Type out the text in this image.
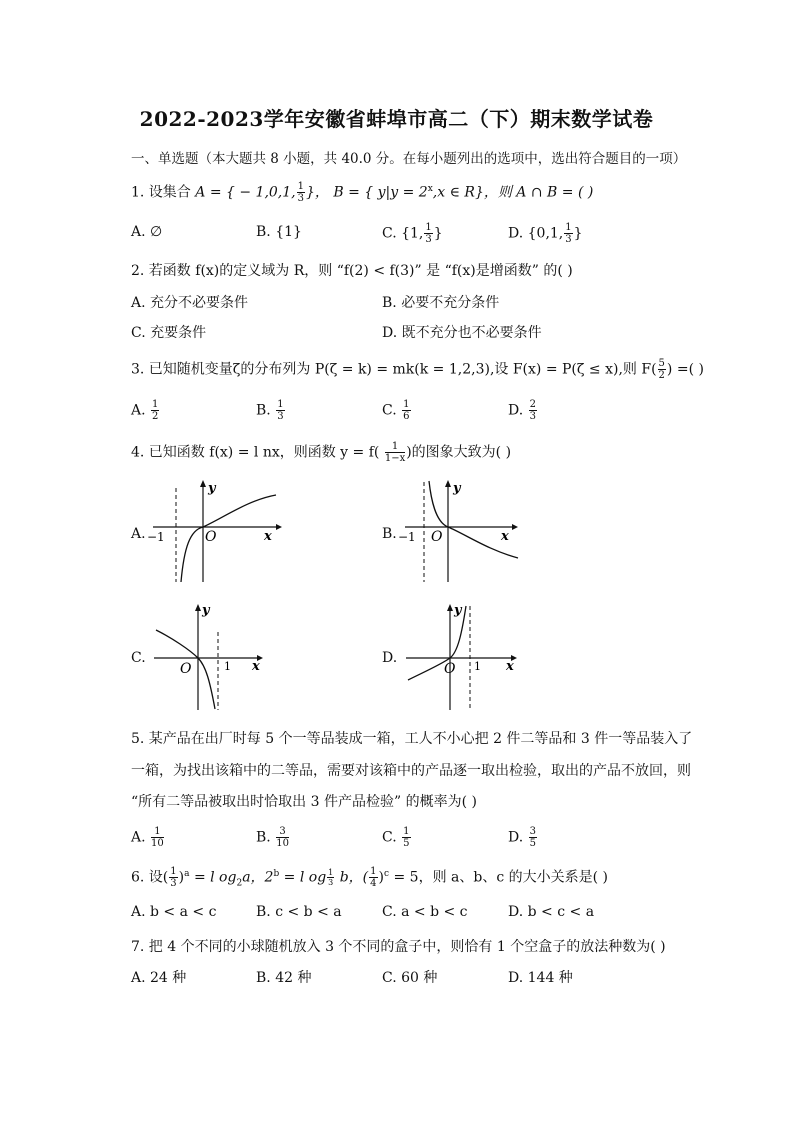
2022-2023学年安徽省蚌埠市高二（下）期末数学试卷
一、单选题（本大题共 8 小题，共 40.0 分。在每小题列出的选项中，选出符合题目的一项）
1. 设集合 A = { − 1,0,1, $\frac{1}{3}$ }， B = { $y|y = 2^x,x$ ∈ R}，则 A ∩ B = ( )
A. ∅	B. {1}	C. {1, $\frac{1}{3}$ }	D. {0,1, $\frac{1}{3}$ }
2. 若函数 f(x)的定义域为 R，则 “f(2) < f(3)” 是 “f(x)是增函数” 的( )
A. 充分不必要条件	B. 必要不充分条件
C. 充要条件	D. 既不充分也不必要条件
3. 已知随机变量ζ的分布列为 P(ζ = k) = mk(k = 1,2,3),设 F(x) = P(ζ ≤ x),则 $F( \frac{5}{2}$ ) =( )
A. $\frac{1}{2}$	B. $\frac{1}{3}$	C. $\frac{1}{6}$	D. $\frac{2}{3}$
4. 已知函数 f(x) = l nx，则函数 $y = f( \frac{1}{1-x}$ )的图象大致为( )
A. −1	O
y
x	B. −1 O
y
x
C.
O	1
y
x
D.
O 1
y
x
5. 某产品在出厂时每 5 个一等品装成一箱，工人不小心把 2 件二等品和 3 件一等品装入了
一箱，为找出该箱中的二等品，需要对该箱中的产品逐一取出检验，取出的产品不放回，则
“所有二等品被取出时恰取出 3 件产品检验” 的概率为( )
A. $\frac{1}{10}$	B. $\frac{3}{10}$	C. $\frac{1}{5}$	D. $\frac{3}{5}$
6. 设( $\frac{1}{3} )^a = l$ $og_2a$，$2^b = l$ og $\frac{1}{3}$ b，( $\frac{1}{4} )^c = 5$，则 a、b、c 的大小关系是( )
A. b < a < c	B. c < b < a	C. a < b < c	D. b < c < a
7. 把 4 个不同的小球随机放入 3 个不同的盒子中，则恰有 1 个空盒子的放法种数为( )
A. 24 种	B. 42 种	C. 60 种	D. 144 种
